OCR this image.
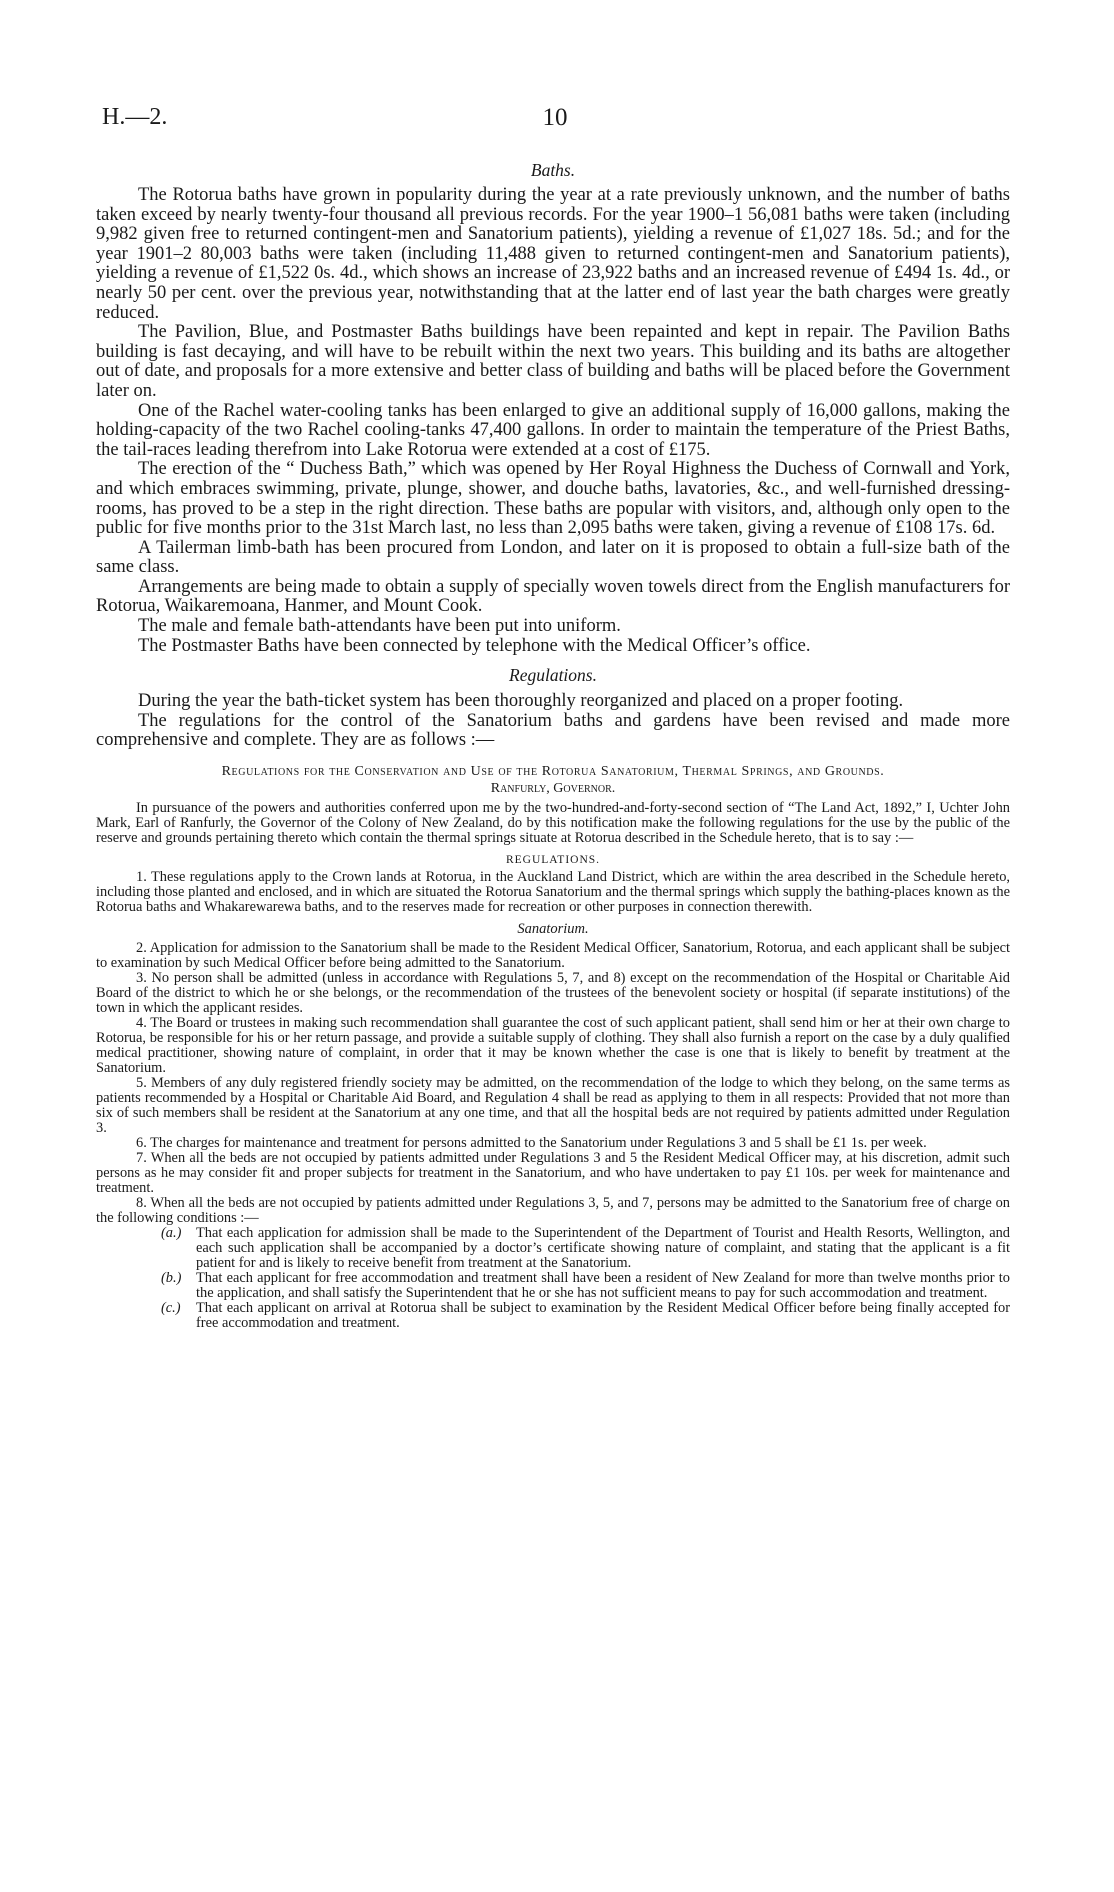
H.—2.	10

Baths.

The Rotorua baths have grown in popularity during the year at a rate previously unknown, and the number of baths taken exceed by nearly twenty-four thousand all previous records. For the year 1900–1 56,081 baths were taken (including 9,982 given free to returned contingent-men and Sanatorium patients), yielding a revenue of £1,027 18s. 5d.; and for the year 1901–2 80,003 baths were taken (including 11,488 given to returned contingent-men and Sanatorium patients), yielding a revenue of £1,522 0s. 4d., which shows an increase of 23,922 baths and an increased revenue of £494 1s. 4d., or nearly 50 per cent. over the previous year, notwithstanding that at the latter end of last year the bath charges were greatly reduced.

The Pavilion, Blue, and Postmaster Baths buildings have been repainted and kept in repair. The Pavilion Baths building is fast decaying, and will have to be rebuilt within the next two years. This building and its baths are altogether out of date, and proposals for a more extensive and better class of building and baths will be placed before the Government later on.

One of the Rachel water-cooling tanks has been enlarged to give an additional supply of 16,000 gallons, making the holding-capacity of the two Rachel cooling-tanks 47,400 gallons. In order to maintain the temperature of the Priest Baths, the tail-races leading therefrom into Lake Rotorua were extended at a cost of £175.

The erection of the “ Duchess Bath,” which was opened by Her Royal Highness the Duchess of Cornwall and York, and which embraces swimming, private, plunge, shower, and douche baths, lavatories, &c., and well-furnished dressing-rooms, has proved to be a step in the right direction. These baths are popular with visitors, and, although only open to the public for five months prior to the 31st March last, no less than 2,095 baths were taken, giving a revenue of £108 17s. 6d.

A Tailerman limb-bath has been procured from London, and later on it is proposed to obtain a full-size bath of the same class.

Arrangements are being made to obtain a supply of specially woven towels direct from the English manufacturers for Rotorua, Waikaremoana, Hanmer, and Mount Cook.

The male and female bath-attendants have been put into uniform.

The Postmaster Baths have been connected by telephone with the Medical Officer’s office.

Regulations.

During the year the bath-ticket system has been thoroughly reorganized and placed on a proper footing.

The regulations for the control of the Sanatorium baths and gardens have been revised and made more comprehensive and complete. They are as follows :—

Regulations for the Conservation and Use of the Rotorua Sanatorium, Thermal Springs, and Grounds.

Ranfurly, Governor.

In pursuance of the powers and authorities conferred upon me by the two-hundred-and-forty-second section of “The Land Act, 1892,” I, Uchter John Mark, Earl of Ranfurly, the Governor of the Colony of New Zealand, do by this notification make the following regulations for the use by the public of the reserve and grounds pertaining thereto which contain the thermal springs situate at Rotorua described in the Schedule hereto, that is to say :—

REGULATIONS.

1. These regulations apply to the Crown lands at Rotorua, in the Auckland Land District, which are within the area described in the Schedule hereto, including those planted and enclosed, and in which are situated the Rotorua Sanatorium and the thermal springs which supply the bathing-places known as the Rotorua baths and Whakarewarewa baths, and to the reserves made for recreation or other purposes in connection therewith.

Sanatorium.

2. Application for admission to the Sanatorium shall be made to the Resident Medical Officer, Sanatorium, Rotorua, and each applicant shall be subject to examination by such Medical Officer before being admitted to the Sanatorium.

3. No person shall be admitted (unless in accordance with Regulations 5, 7, and 8) except on the recommendation of the Hospital or Charitable Aid Board of the district to which he or she belongs, or the recommendation of the trustees of the benevolent society or hospital (if separate institutions) of the town in which the applicant resides.

4. The Board or trustees in making such recommendation shall guarantee the cost of such applicant patient, shall send him or her at their own charge to Rotorua, be responsible for his or her return passage, and provide a suitable supply of clothing. They shall also furnish a report on the case by a duly qualified medical practitioner, showing nature of complaint, in order that it may be known whether the case is one that is likely to benefit by treatment at the Sanatorium.

5. Members of any duly registered friendly society may be admitted, on the recommendation of the lodge to which they belong, on the same terms as patients recommended by a Hospital or Charitable Aid Board, and Regulation 4 shall be read as applying to them in all respects: Provided that not more than six of such members shall be resident at the Sanatorium at any one time, and that all the hospital beds are not required by patients admitted under Regulation 3.

6. The charges for maintenance and treatment for persons admitted to the Sanatorium under Regulations 3 and 5 shall be £1 1s. per week.

7. When all the beds are not occupied by patients admitted under Regulations 3 and 5 the Resident Medical Officer may, at his discretion, admit such persons as he may consider fit and proper subjects for treatment in the Sanatorium, and who have undertaken to pay £1 10s. per week for maintenance and treatment.

8. When all the beds are not occupied by patients admitted under Regulations 3, 5, and 7, persons may be admitted to the Sanatorium free of charge on the following conditions :—

(a.) That each application for admission shall be made to the Superintendent of the Department of Tourist and Health Resorts, Wellington, and each such application shall be accompanied by a doctor’s certificate showing nature of complaint, and stating that the applicant is a fit patient for and is likely to receive benefit from treatment at the Sanatorium.

(b.) That each applicant for free accommodation and treatment shall have been a resident of New Zealand for more than twelve months prior to the application, and shall satisfy the Superintendent that he or she has not sufficient means to pay for such accommodation and treatment.

(c.) That each applicant on arrival at Rotorua shall be subject to examination by the Resident Medical Officer before being finally accepted for free accommodation and treatment.
